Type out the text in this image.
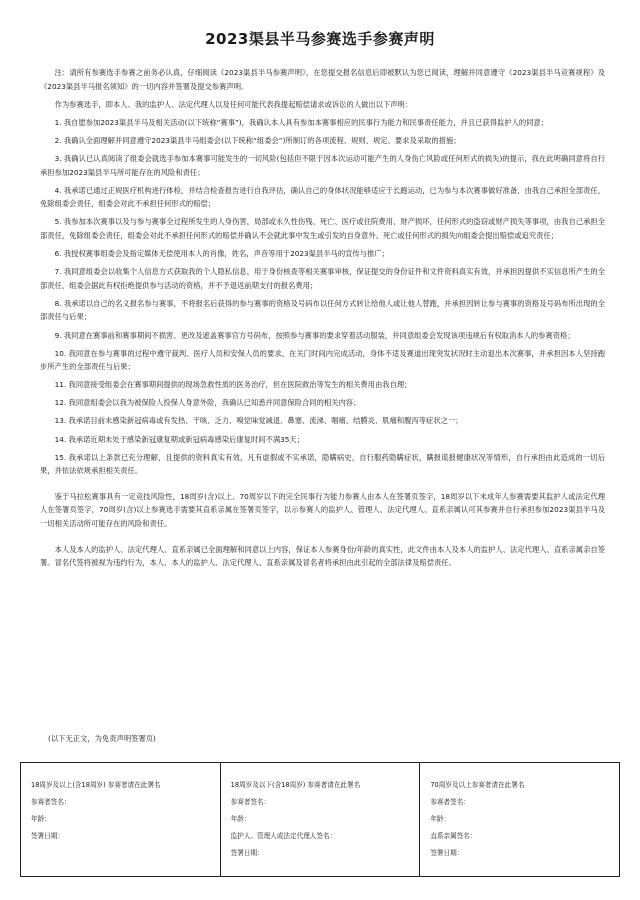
2023渠县半马参赛选手参赛声明

注：请所有参赛选手参赛之前务必认真，仔细阅读《2023渠县半马参赛声明》，在您提交报名信息后即被默认为您已阅读，理解并同意遵守《2023渠县半马竞赛规程》及《2023渠县半马报名须知》的一切内容并签署及提交参赛声明。

作为参赛选手，即本人、我的监护人、法定代理人以及任何可能代表我提起赔偿请求或诉讼的人做出以下声明：

1. 我自愿参加2023渠县半马及相关活动(以下统称“赛事”)，我确认本人具有参加本赛事相应的民事行为能力和民事责任能力，并且已获得监护人的同意；

2. 我确认全面理解并同意遵守2023渠县半马组委会(以下统称“组委会”)所制订的各项流程、规则、规定、要求及采取的措施；

3. 我确认已认真阅读了组委会就选手参加本赛事可能发生的一切风险(包括但不限于因本次运动可能产生的人身伤亡风险或任何形式的损失)的提示，我在此明确同意将自行承担参加2023渠县半马所可能存在的风险和责任；

4. 我承诺已通过正规医疗机构进行体检，并结合检查报告进行自我评估，确认自己的身体状况能够适应于长跑运动，已为参与本次赛事做好准备，由我自己承担全部责任，免除组委会责任，组委会对此不承担任何形式的赔偿；

5. 我参加本次赛事以及与参与赛事全过程所发生的人身伤害，局部或永久性伤残、死亡、医疗或住院费用、财产损坏，任何形式的盗窃或财产损失等事项，由我自己承担全部责任，免除组委会责任，组委会对此不承担任何形式的赔偿并确认不会就此事中发生或引发的自身意外、死亡或任何形式的损失向组委会提出赔偿或追究责任；

6. 我授权赛事组委会及指定媒体无偿使用本人的肖像，姓名，声音等用于2023渠县半马的宣传与推广；

7. 我同意组委会以收集个人信息方式获取我的个人隐私信息，用于身份核查等相关赛事审核，保证提交的身份证件和文件资料真实有效，并承担因提供不实信息所产生的全部责任，组委会据此有权拒绝提供参与活动的资格，并不予退返前期支付的报名费用；

8. 我承诺以自己的名义报名参与赛事，不将报名后获得的参与赛事的资格及号码布以任何方式转让给他人或让他人替跑，并承担因转让参与赛事的资格及号码布所出现的全部责任与后果；

9. 我同意在赛事前和赛事期间不损害、更改及遮盖赛事官方号码布，按照参与赛事的要求穿着活动服装，并同意组委会发现该项违规后有权取消本人的参赛资格；

10. 我同意在参与赛事的过程中遵守裁判、医疗人员和安保人员的要求，在关门时间内完成活动，身体不适及赛道出现突发状况时主动退出本次赛事，并承担因本人坚持跑步所产生的全部责任与后果；

11. 我同意接受组委会在赛事期间提供的现场急救性质的医务治疗，但在医院救治等发生的相关费用由我自理；

12. 我同意组委会以我为被保险人投保人身意外险，我确认已知悉并同意保险合同的相关内容；

13. 我承诺目前未感染新冠病毒或有发热、干咳、乏力、嗅觉味觉减退、鼻塞、流涕、咽痛、结膜炎、肌痛和腹泻等症状之一；

14. 我承诺近期未处于感染新冠康复期或新冠病毒感染后康复时间不满35天；

15. 我承诺以上条款已充分理解，且提供的资料真实有效，凡有虚假或不实承诺，隐瞒病史，自行服药隐瞒症状，瞒报谎报健康状况等情形，自行承担由此造成的一切后果，并依法依规承担相关责任。

鉴于马拉松赛事具有一定竞技风险性，18周岁(含)以上、70周岁以下的完全民事行为能力参赛人由本人在签署页签字，18周岁以下未成年人参赛需要其监护人或法定代理人在签署页签字，70周岁(含)以上参赛选手需要其直系亲属在签署页签字，以示参赛人的监护人、管理人、法定代理人、直系亲属认可其参赛并自行承担参加2023渠县半马及一切相关活动所可能存在的风险和责任。

本人及本人的监护人、法定代理人、直系亲属已全面理解和同意以上内容，保证本人参赛身份/年龄的真实性，此文件由本人及本人的监护人、法定代理人、直系亲属亲自签署。冒名代签将被视为违约行为，本人、本人的监护人、法定代理人、直系亲属及冒名者将承担由此引起的全部法律及赔偿责任。

(以下无正文，为免责声明签署页)
18周岁及以上(含18周岁) 参赛者请在此署名
参赛者签名：
年龄：
签署日期：
18周岁及以下(含18周岁) 参赛者请在此署名
参赛者签名：
年龄：
监护人、管理人或法定代理人签名：
签署日期：
70周岁及以上参赛者请在此署名
参赛者签名：
年龄：
直系亲属签名：
签署日期：
